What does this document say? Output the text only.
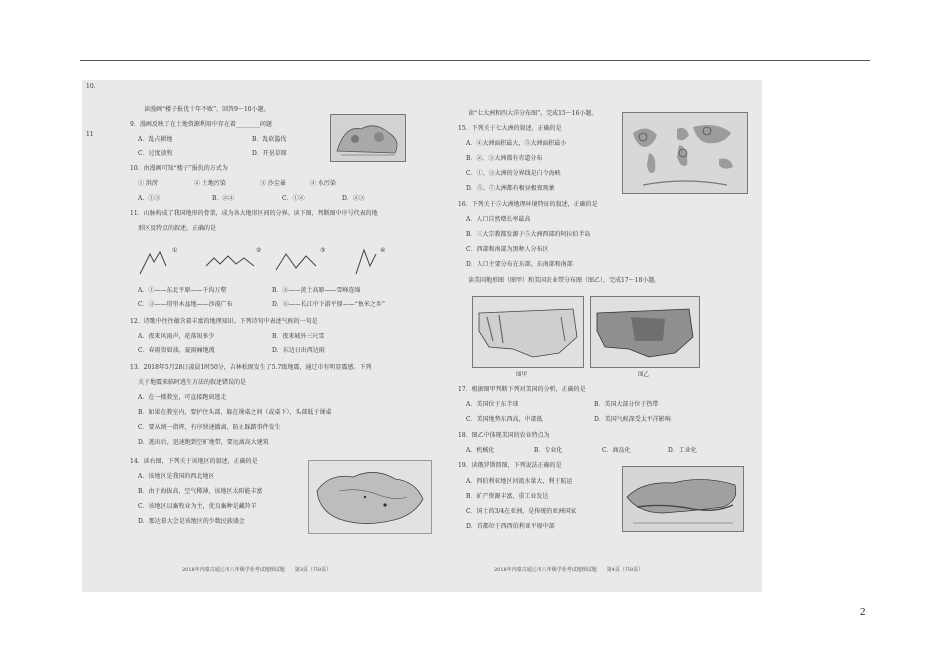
10.
11
读漫画“楼子报优十年不败”，回答9～10小题。
9．漫画反映了在土地资源利用中存在着________问题
A．乱占耕地	B．乱砍滥伐
C．过度放牧	D．开垦草原
10．由漫画可知“楼子”报仇的方式为
① 洪涝	② 土地污染	③ 沙尘暴	④ 水污染
A．①③	B．②④	C．①④	D．②③
11．山脉构成了我国地形的骨架，成为各大地形区间的分界。读下图，判断图中序号代表的地
形区及特点的叙述，正确的是
①	②	③	④
A．①——东北平原——千沟万壑	B．②——黄土高原——雪峰连绵
C．③——塔里木盆地——沙漠广布	D．④——长江中下游平原——“鱼米之乡”
12．诗歌中往往蕴含着丰富的地理知识。下列诗句中表述气候的一句是
A．夜来风雨声，花落知多少	B．夜来城外三尺雪
C．春雨贵如油，夏雨痛地流	D．东边日出西边雨
13．2018年5月28日凌晨1时50分，吉林松原发生了5.7级地震，通辽市有明显震感。下列
关于地震来临时逃生方法的叙述错误的是
A．在一楼教室，可直接跑窗逃走
B．如果在教室内，要护住头部，躲在课桌之间（或桌下），头部低于课桌
C．要从统一指挥，有序快速撤离，防止踩踏事件发生
D．逃出后，迅速跑到空旷地带，要远离高大建筑
14．读右图，下列关于该地区的叙述，正确的是
A．该地区是我国的西北地区
B．由于海拔高，空气稀薄，该地区太阳能丰富
C．该地区以畜牧业为主，优良畜种是藏羚羊
D．那达慕大会是该地区的少数民族盛会
2018年内蒙古通辽市八年级学业考试地理试题　　第3页（共8页）
读“七大洲和四大洋分布图”，完成15～16小题。
15．下列关于七大洲的叙述，正确的是
A．④大洲面积最大，⑤大洲面积最小
B．②、③大洲都有赤道分布
C．①、③大洲的分界线是白令海峡
D．⑤、⑦大洲都有极昼极夜现象
16．下列关于⑤大洲地理环境特征的叙述，正确的是
A．人口自然增长率最高
B．三大宗教都发源于⑤大洲西部的阿拉伯半岛
C．西部和南部为黑种人分布区
D．人口主要分布在东部、东南部和南部
读美国地形图（图甲）和美国农业带分布图（图乙），完成17～18小题。
图甲	图乙
17．根据图甲判断下列对美国的分析，正确的是
A．美国位于东半球	B．美国大部分位于热带
C．美国地势东西高，中部低	D．美国气候深受太平洋影响
18．图乙中体现美国的农业特点为
A．机械化	B．专业化	C．商品化	D．工业化
19．读俄罗斯简图，下列说法正确的是
A．西伯利亚地区河流水量大，利于航运
B．矿产资源丰富，重工业发达
C．国土的3/4在亚洲，是传统的亚洲国家
D．首都位于西西伯利亚平原中部
2018年内蒙古通辽市八年级学业考试地理试题　　第4页（共8页）
2
